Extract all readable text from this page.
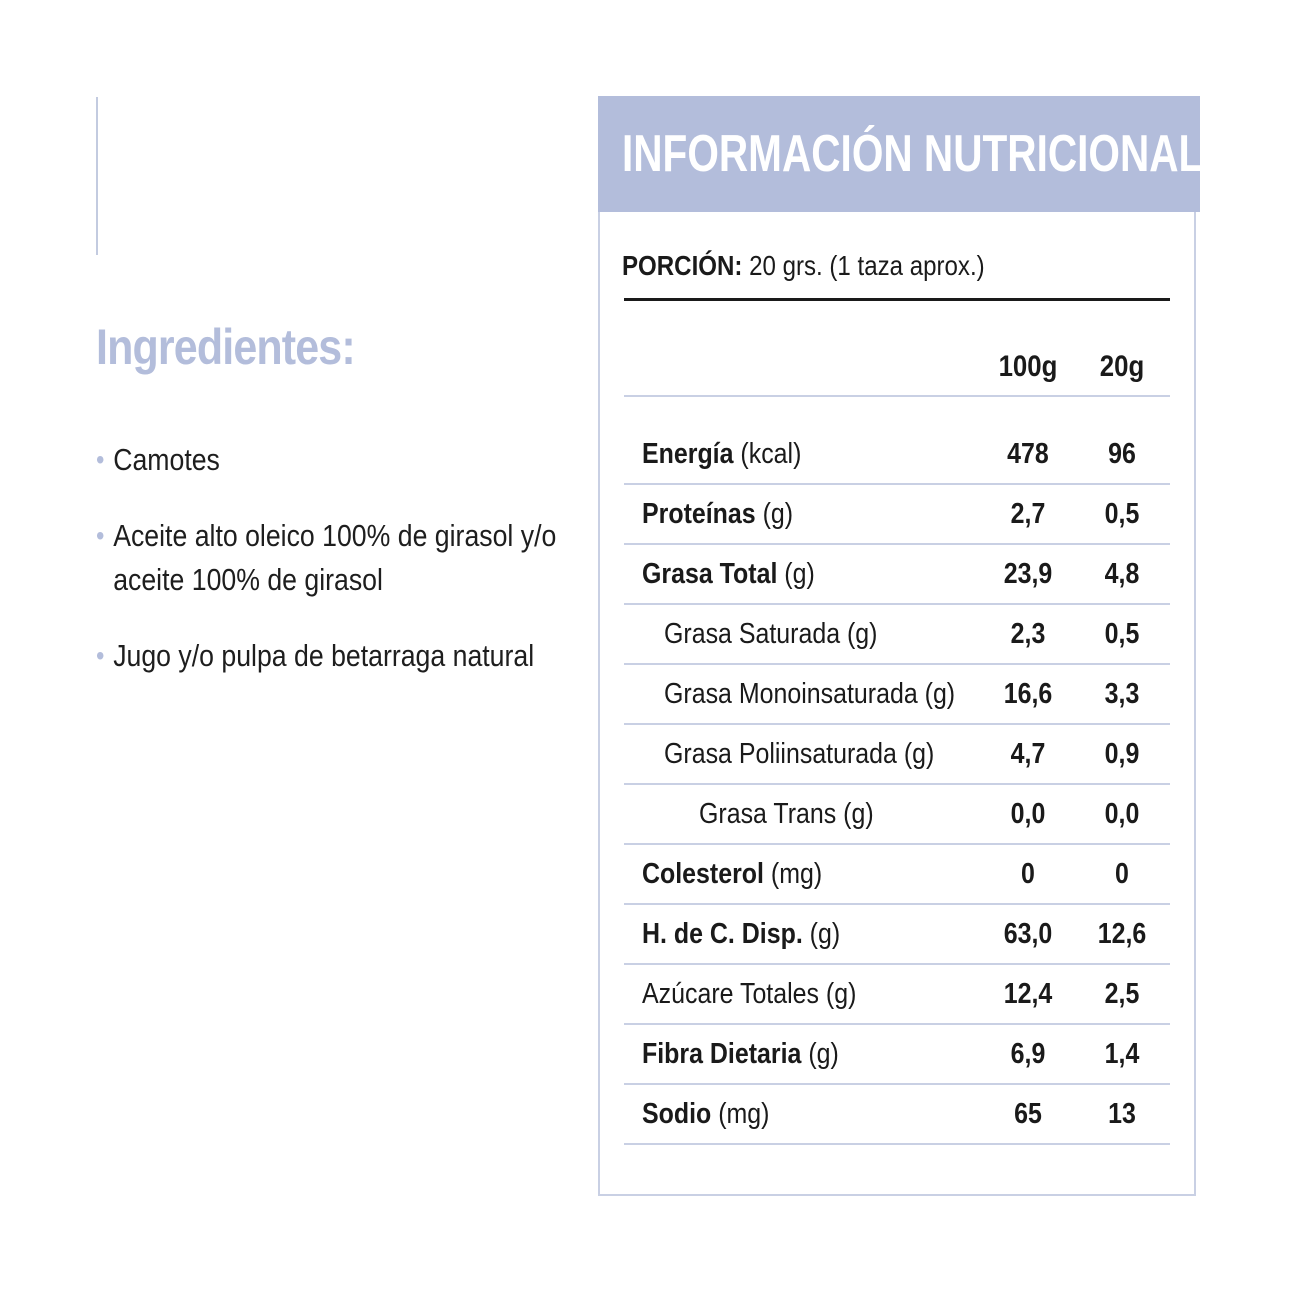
Ingredientes:
• Camotes
• Aceite alto oleico 100% de girasol y/o aceite 100% de girasol
• Jugo y/o pulpa de betarraga natural
INFORMACIÓN NUTRICIONAL
PORCIÓN: 20 grs. (1 taza aprox.)
100g	20g
Energía (kcal)	478	96
Proteínas (g)	2,7	0,5
Grasa Total (g)	23,9	4,8
Grasa Saturada (g)	2,3	0,5
Grasa Monoinsaturada (g)	16,6	3,3
Grasa Poliinsaturada (g)	4,7	0,9
Grasa Trans (g)	0,0	0,0
Colesterol (mg)	0	0
H. de C. Disp. (g)	63,0	12,6
Azúcare Totales (g)	12,4	2,5
Fibra Dietaria (g)	6,9	1,4
Sodio (mg)	65	13
